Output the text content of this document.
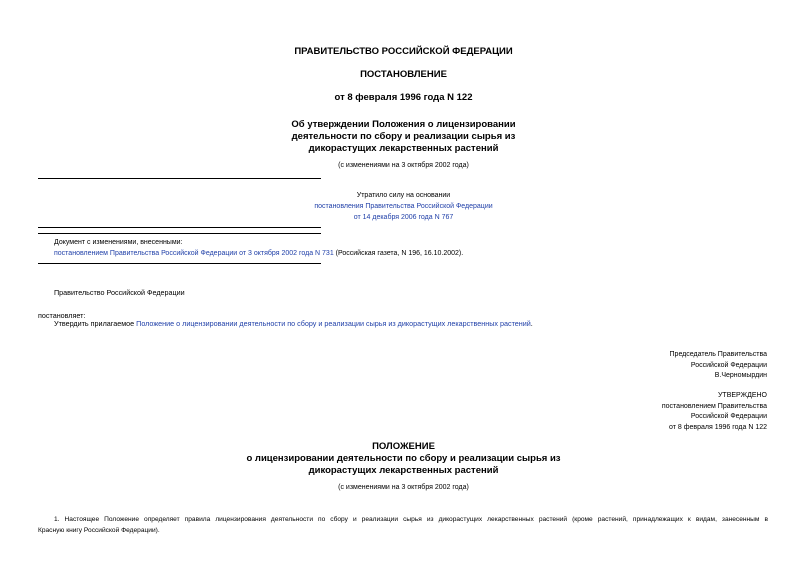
ПРАВИТЕЛЬСТВО РОССИЙСКОЙ ФЕДЕРАЦИИ
ПОСТАНОВЛЕНИЕ
от 8 февраля 1996 года N 122
Об утверждении Положения о лицензировании
деятельности по сбору и реализации сырья из
дикорастущих лекарственных растений
(с изменениями на 3 октября 2002 года)
Утратило силу на основании
постановления Правительства Российской Федерации
от 14 декабря 2006 года N 767
Документ с изменениями, внесенными:
постановлением Правительства Российской Федерации от 3 октября 2002 года N 731 (Российская газета, N 196, 16.10.2002).
Правительство Российской Федерации
постановляет:
Утвердить прилагаемое Положение о лицензировании деятельности по сбору и реализации сырья из дикорастущих лекарственных растений.
Председатель Правительства
Российской Федерации
В.Черномырдин
УТВЕРЖДЕНО
постановлением Правительства
Российской Федерации
от 8 февраля 1996 года N 122
ПОЛОЖЕНИЕ
о лицензировании деятельности по сбору и реализации сырья из
дикорастущих лекарственных растений
(с изменениями на 3 октября 2002 года)
1. Настоящее Положение определяет правила лицензирования деятельности по сбору и реализации сырья из дикорастущих лекарственных растений (кроме растений, принадлежащих к видам, занесенным в
Красную книгу Российской Федерации).
